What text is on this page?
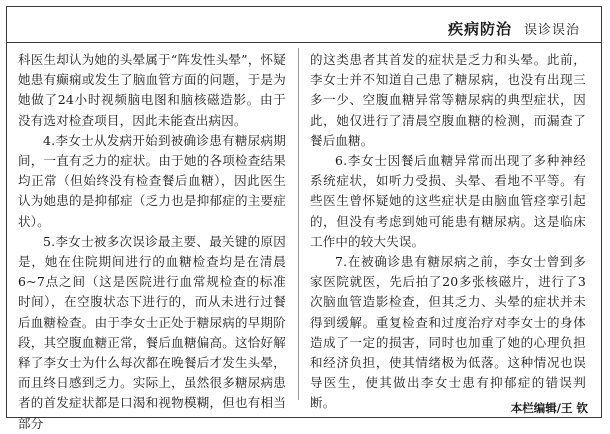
疾病防治 误诊误治

科医生却认为她的头晕属于“阵发性头晕”，怀疑她患有癫痫或发生了脑血管方面的问题，于是为她做了24小时视频脑电图和脑核磁造影。由于没有选对检查项目，因此未能查出病因。

4.李女士从发病开始到被确诊患有糖尿病期间，一直有乏力的症状。由于她的各项检查结果均正常（但始终没有检查餐后血糖），因此医生认为她患的是抑郁症（乏力也是抑郁症的主要症状）。

5.李女士被多次误诊最主要、最关键的原因是，她在住院期间进行的血糖检查均是在清晨6~7点之间（这是医院进行血常规检查的标准时间），在空腹状态下进行的，而从未进行过餐后血糖检查。由于李女士正处于糖尿病的早期阶段，其空腹血糖正常，餐后血糖偏高。这恰好解释了李女士为什么每次都在晚餐后才发生头晕，而且终日感到乏力。实际上，虽然很多糖尿病患者的首发症状都是口渴和视物模糊，但也有相当部分

的这类患者其首发的症状是乏力和头晕。此前，李女士并不知道自己患了糖尿病，也没有出现三多一少、空腹血糖异常等糖尿病的典型症状，因此，她仅进行了清晨空腹血糖的检测，而漏查了餐后血糖。

6.李女士因餐后血糖异常而出现了多种神经系统症状，如听力受损、头晕、看地不平等。有些医生曾怀疑她的这些症状是由脑血管痉挛引起的，但没有考虑到她可能患有糖尿病。这是临床工作中的较大失误。

7.在被确诊患有糖尿病之前，李女士曾到多家医院就医，先后拍了20多张核磁片，进行了3次脑血管造影检查，但其乏力、头晕的症状并未得到缓解。重复检查和过度治疗对李女士的身体造成了一定的损害，同时也加重了她的心理负担和经济负担，使其情绪极为低落。这种情况也误导医生，使其做出李女士患有抑郁症的错误判断。	本栏编辑/王 钦
